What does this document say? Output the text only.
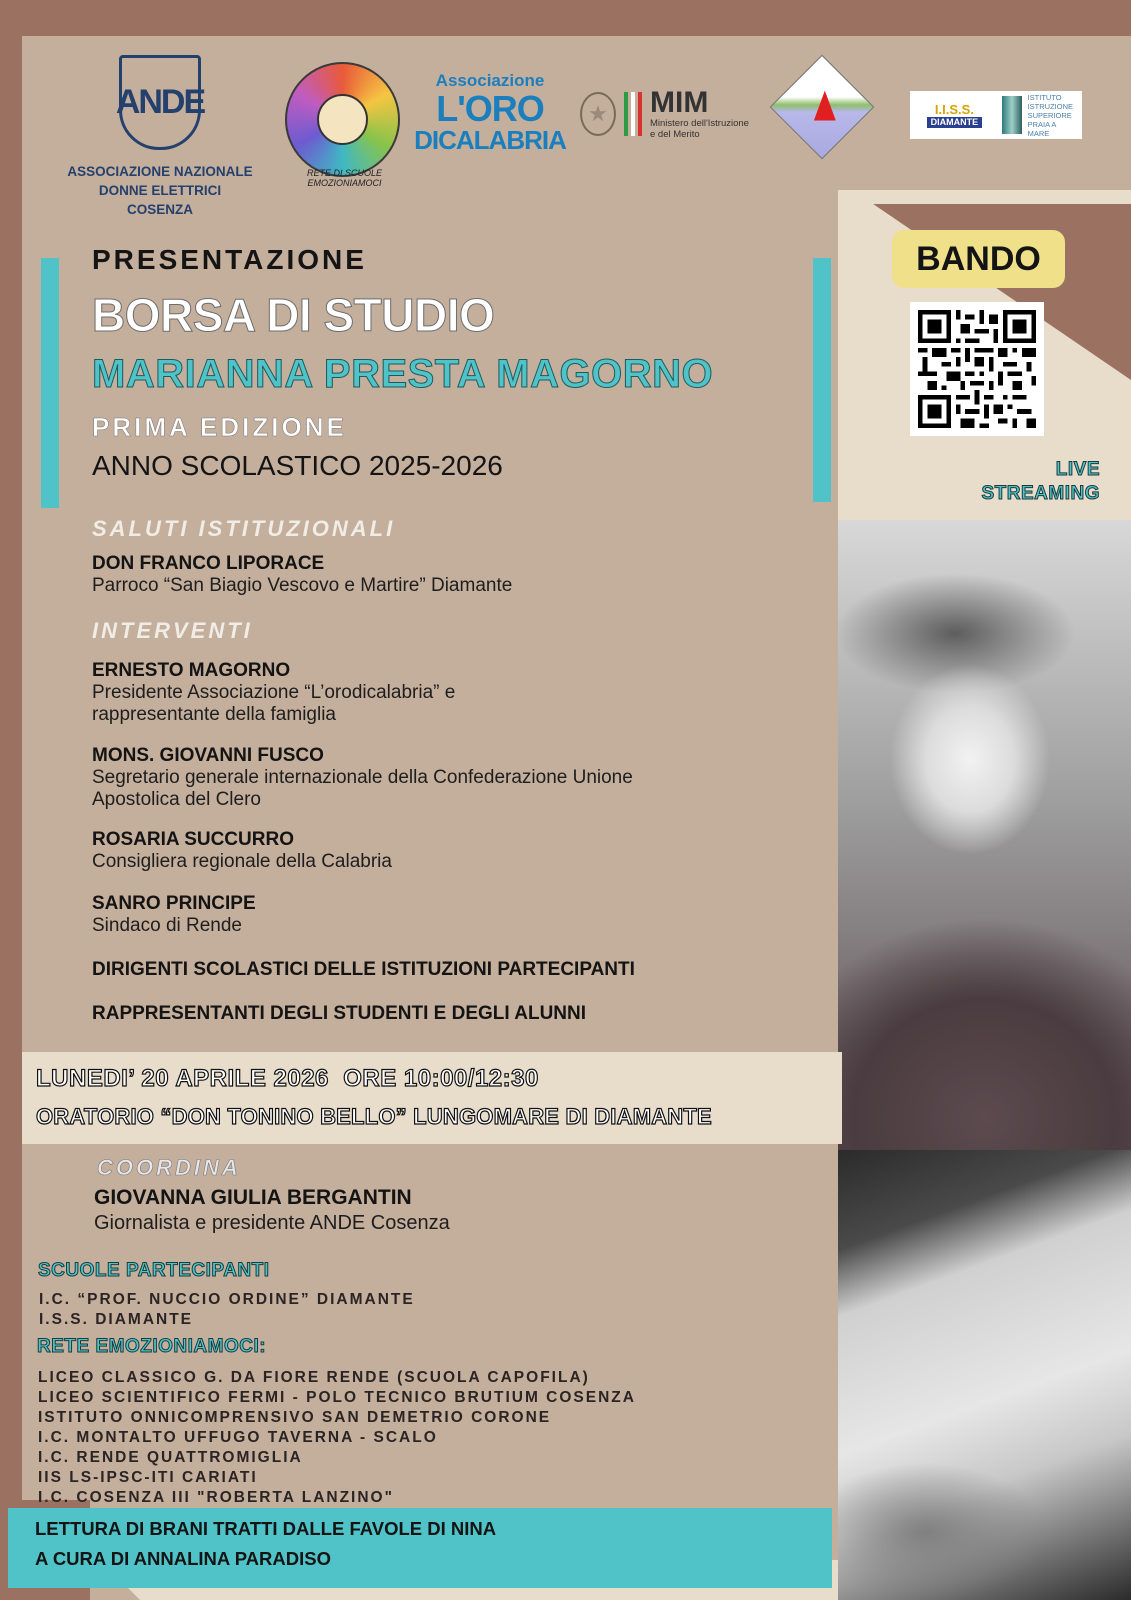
ANDE
ASSOCIAZIONE NAZIONALE
DONNE ELETTRICI
COSENZA
RETE DI SCUOLE EMOZIONIAMOCI
Associazione
L'ORO
DICALABRIA
★ MIM
Ministero dell'Istruzione
e del Merito
I.I.S.S.
DIAMANTE
ISTITUTO
ISTRUZIONE
SUPERIORE
PRAIA A MARE
PRESENTAZIONE
BORSA DI STUDIO
MARIANNA PRESTA MAGORNO
PRIMA EDIZIONE
ANNO SCOLASTICO 2025-2026
BANDO
LIVE
STREAMING
SALUTI ISTITUZIONALI
DON FRANCO LIPORACE
Parroco “San Biagio Vescovo e Martire” Diamante
INTERVENTI
ERNESTO MAGORNO
Presidente Associazione “L’orodicalabria” e
rappresentante della famiglia
MONS. GIOVANNI FUSCO
Segretario generale internazionale della Confederazione Unione
Apostolica del Clero
ROSARIA SUCCURRO
Consigliera regionale della Calabria
SANRO PRINCIPE
Sindaco di Rende
DIRIGENTI SCOLASTICI DELLE ISTITUZIONI PARTECIPANTI
RAPPRESENTANTI DEGLI STUDENTI E DEGLI ALUNNI
LUNEDI’ 20 APRILE 2026  ORE 10:00/12:30
ORATORIO “DON TONINO BELLO” LUNGOMARE DI DIAMANTE
COORDINA
GIOVANNA GIULIA BERGANTIN
Giornalista e presidente ANDE Cosenza
SCUOLE PARTECIPANTI
I.C. “PROF. NUCCIO ORDINE” DIAMANTE
I.S.S. DIAMANTE
RETE EMOZIONIAMOCI:
LICEO CLASSICO G. DA FIORE RENDE (SCUOLA CAPOFILA)
LICEO SCIENTIFICO FERMI - POLO TECNICO BRUTIUM COSENZA
ISTITUTO ONNICOMPRENSIVO SAN DEMETRIO CORONE
I.C. MONTALTO UFFUGO TAVERNA - SCALO
I.C. RENDE QUATTROMIGLIA
IIS LS-IPSC-ITI CARIATI
I.C. COSENZA III "ROBERTA LANZINO"
LETTURA DI BRANI TRATTI DALLE FAVOLE DI NINA
A CURA DI ANNALINA PARADISO
